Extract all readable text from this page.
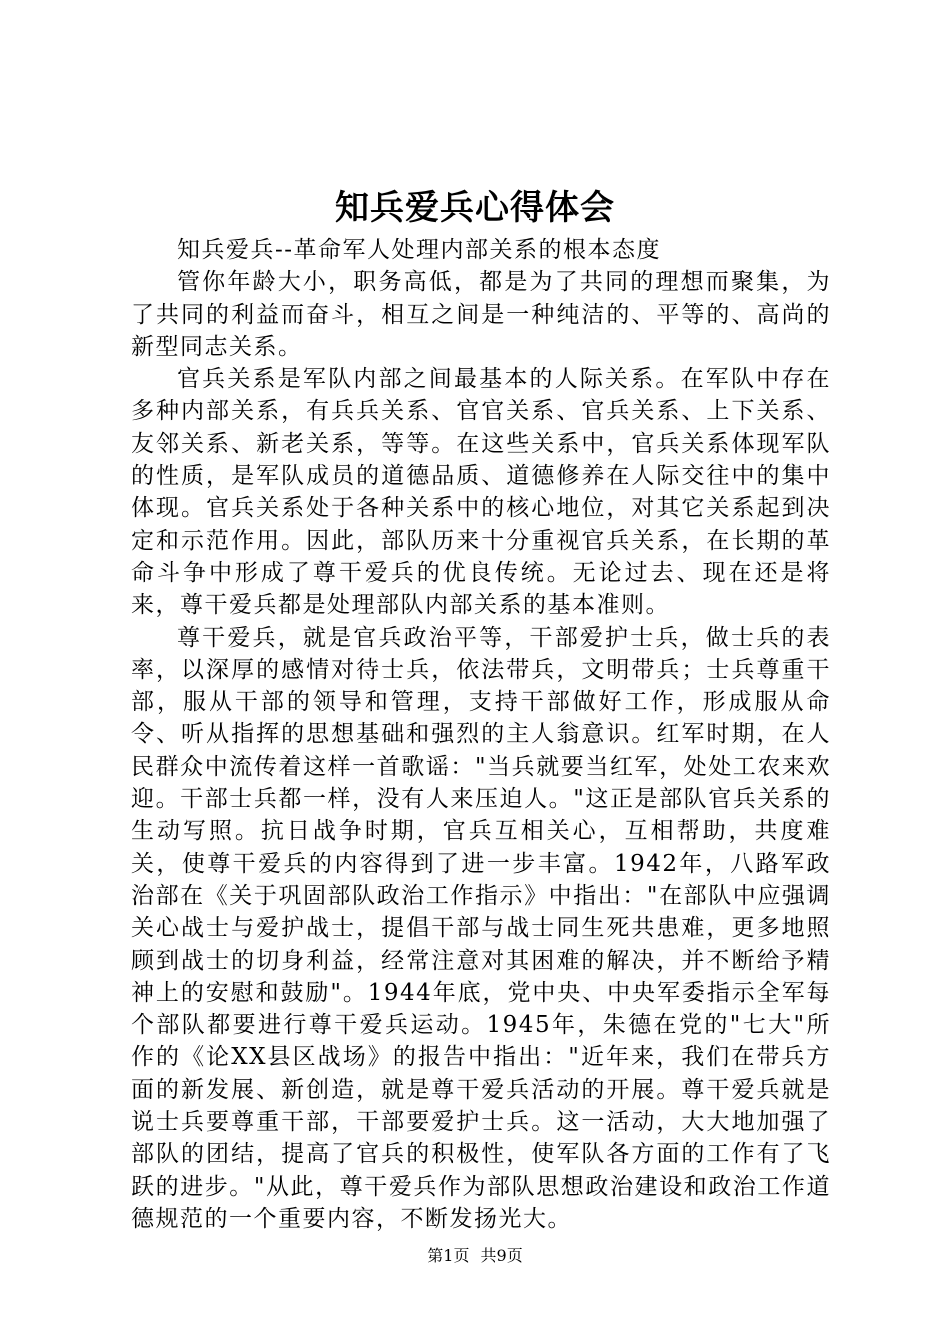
知兵爱兵心得体会

知兵爱兵--革命军人处理内部关系的根本态度

管你年龄大小，职务高低，都是为了共同的理想而聚集，为了共同的利益而奋斗，相互之间是一种纯洁的、平等的、高尚的新型同志关系。

官兵关系是军队内部之间最基本的人际关系。在军队中存在多种内部关系，有兵兵关系、官官关系、官兵关系、上下关系、友邻关系、新老关系，等等。在这些关系中，官兵关系体现军队的性质，是军队成员的道德品质、道德修养在人际交往中的集中体现。官兵关系处于各种关系中的核心地位，对其它关系起到决定和示范作用。因此，部队历来十分重视官兵关系，在长期的革命斗争中形成了尊干爱兵的优良传统。无论过去、现在还是将来，尊干爱兵都是处理部队内部关系的基本准则。

尊干爱兵，就是官兵政治平等，干部爱护士兵，做士兵的表率，以深厚的感情对待士兵，依法带兵，文明带兵；士兵尊重干部，服从干部的领导和管理，支持干部做好工作，形成服从命令、听从指挥的思想基础和强烈的主人翁意识。红军时期，在人民群众中流传着这样一首歌谣："当兵就要当红军，处处工农来欢迎。干部士兵都一样，没有人来压迫人。"这正是部队官兵关系的生动写照。抗日战争时期，官兵互相关心，互相帮助，共度难关，使尊干爱兵的内容得到了进一步丰富。1942年，八路军政治部在《关于巩固部队政治工作指示》中指出："在部队中应强调关心战士与爱护战士，提倡干部与战士同生死共患难，更多地照顾到战士的切身利益，经常注意对其困难的解决，并不断给予精神上的安慰和鼓励"。1944年底，党中央、中央军委指示全军每个部队都要进行尊干爱兵运动。1945年，朱德在党的"七大"所作的《论XX县区战场》的报告中指出："近年来，我们在带兵方面的新发展、新创造，就是尊干爱兵活动的开展。尊干爱兵就是说士兵要尊重干部，干部要爱护士兵。这一活动，大大地加强了部队的团结，提高了官兵的积极性，使军队各方面的工作有了飞跃的进步。"从此，尊干爱兵作为部队思想政治建设和政治工作道德规范的一个重要内容，不断发扬光大。

第1页 共9页
